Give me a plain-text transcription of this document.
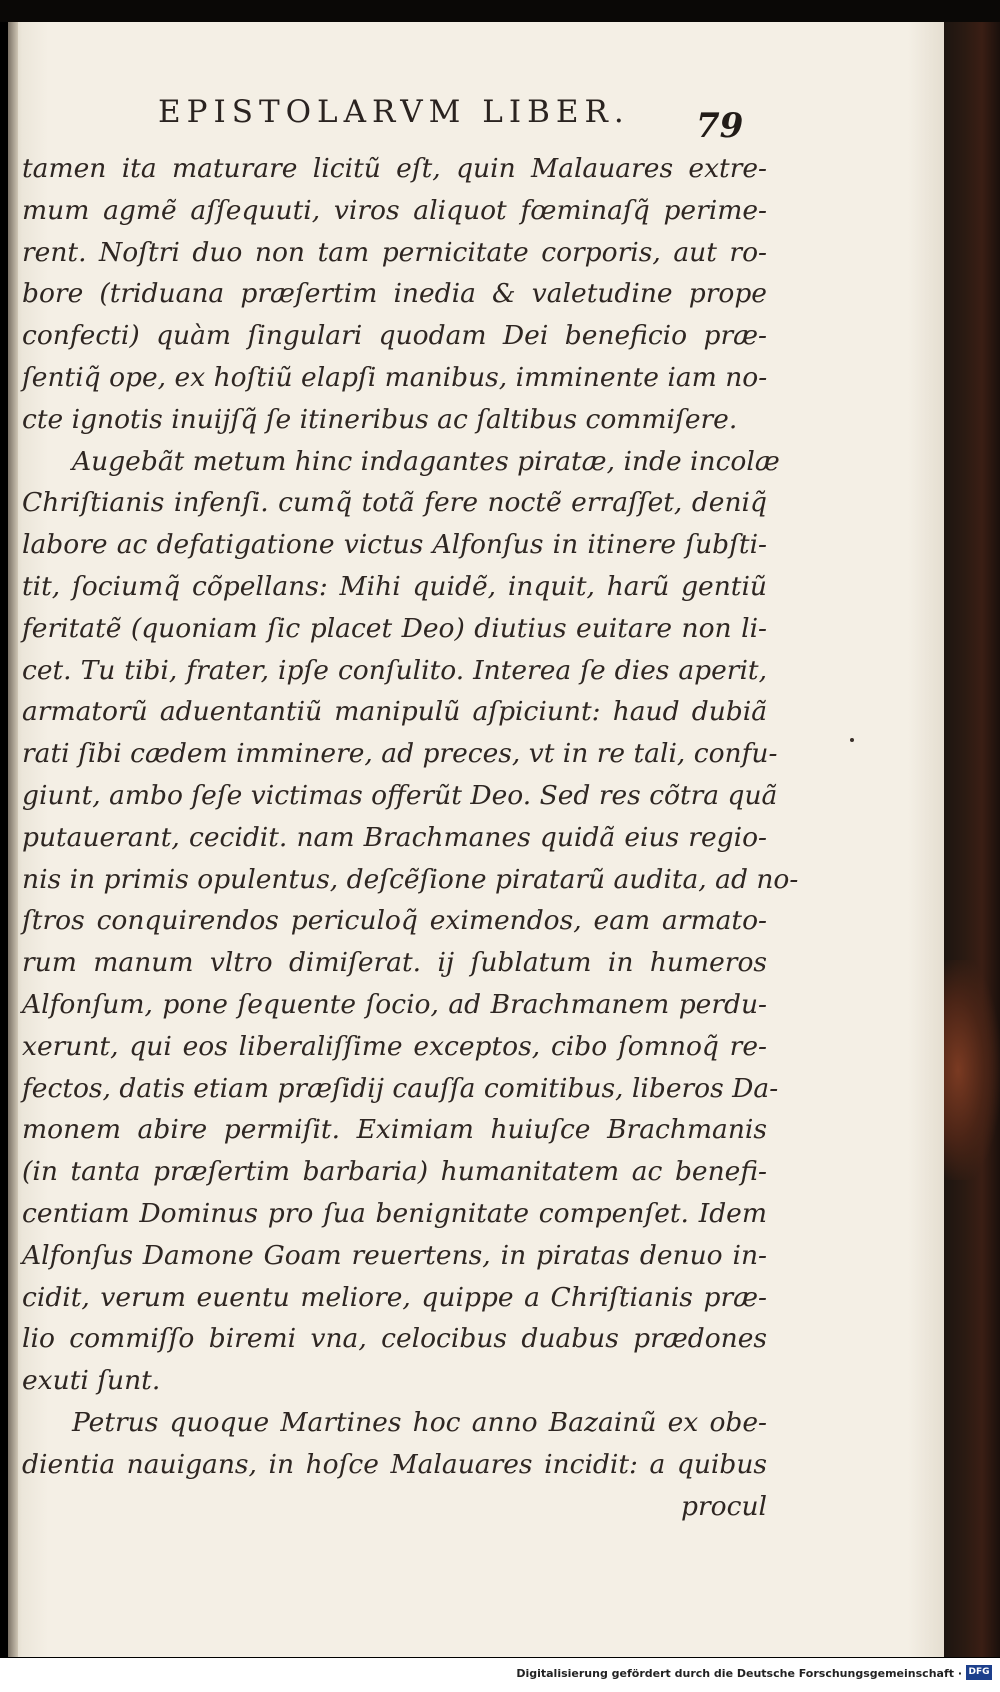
EPISTOLARVM LIBER.	79
tamen ita maturare licitũ eſt, quin Malauares extre-
mum agmẽ aſſequuti, viros aliquot fœminaſq̃ perime-
rent. Noſtri duo non tam pernicitate corporis, aut ro-
bore (triduana præſertim inedia & valetudine prope
confecti) quàm ſingulari quodam Dei beneficio præ-
ſentiq̃ ope, ex hoſtiũ elapſi manibus, imminente iam no-
cte ignotis inuijſq̃ ſe itineribus ac ſaltibus commiſere.
Augebãt metum hinc indagantes piratæ, inde incolæ
Chriſtianis infenſi. cumq̃ totã fere noctẽ erraſſet, deniq̃
labore ac defatigatione victus Alfonſus in itinere ſubſti-
tit, ſociumq̃ cõpellans: Mihi quidẽ, inquit, harũ gentiũ
feritatẽ (quoniam ſic placet Deo) diutius euitare non li-
cet. Tu tibi, frater, ipſe conſulito. Interea ſe dies aperit,
armatorũ aduentantiũ manipulũ aſpiciunt: haud dubiã
rati ſibi cædem imminere, ad preces, vt in re tali, confu-
giunt, ambo ſeſe victimas offerũt Deo. Sed res cõtra quã
putauerant, cecidit. nam Brachmanes quidã eius regio-
nis in primis opulentus, deſcẽſione piratarũ audita, ad no-
ſtros conquirendos periculoq̃ eximendos, eam armato-
rum manum vltro dimiſerat. ij ſublatum in humeros
Alfonſum, pone ſequente ſocio, ad Brachmanem perdu-
xerunt, qui eos liberaliſſime exceptos, cibo ſomnoq̃ re-
fectos, datis etiam præſidij cauſſa comitibus, liberos Da-
monem abire permiſit. Eximiam huiuſce Brachmanis
(in tanta præſertim barbaria) humanitatem ac benefi-
centiam Dominus pro ſua benignitate compenſet. Idem
Alfonſus Damone Goam reuertens, in piratas denuo in-
cidit, verum euentu meliore, quippe a Chriſtianis præ-
lio commiſſo biremi vna, celocibus duabus prædones
exuti ſunt.
Petrus quoque Martines hoc anno Bazainũ ex obe-
dientia nauigans, in hoſce Malauares incidit: a quibus
procul
Digitalisierung gefördert durch die Deutsche Forschungsgemeinschaft · DFG
